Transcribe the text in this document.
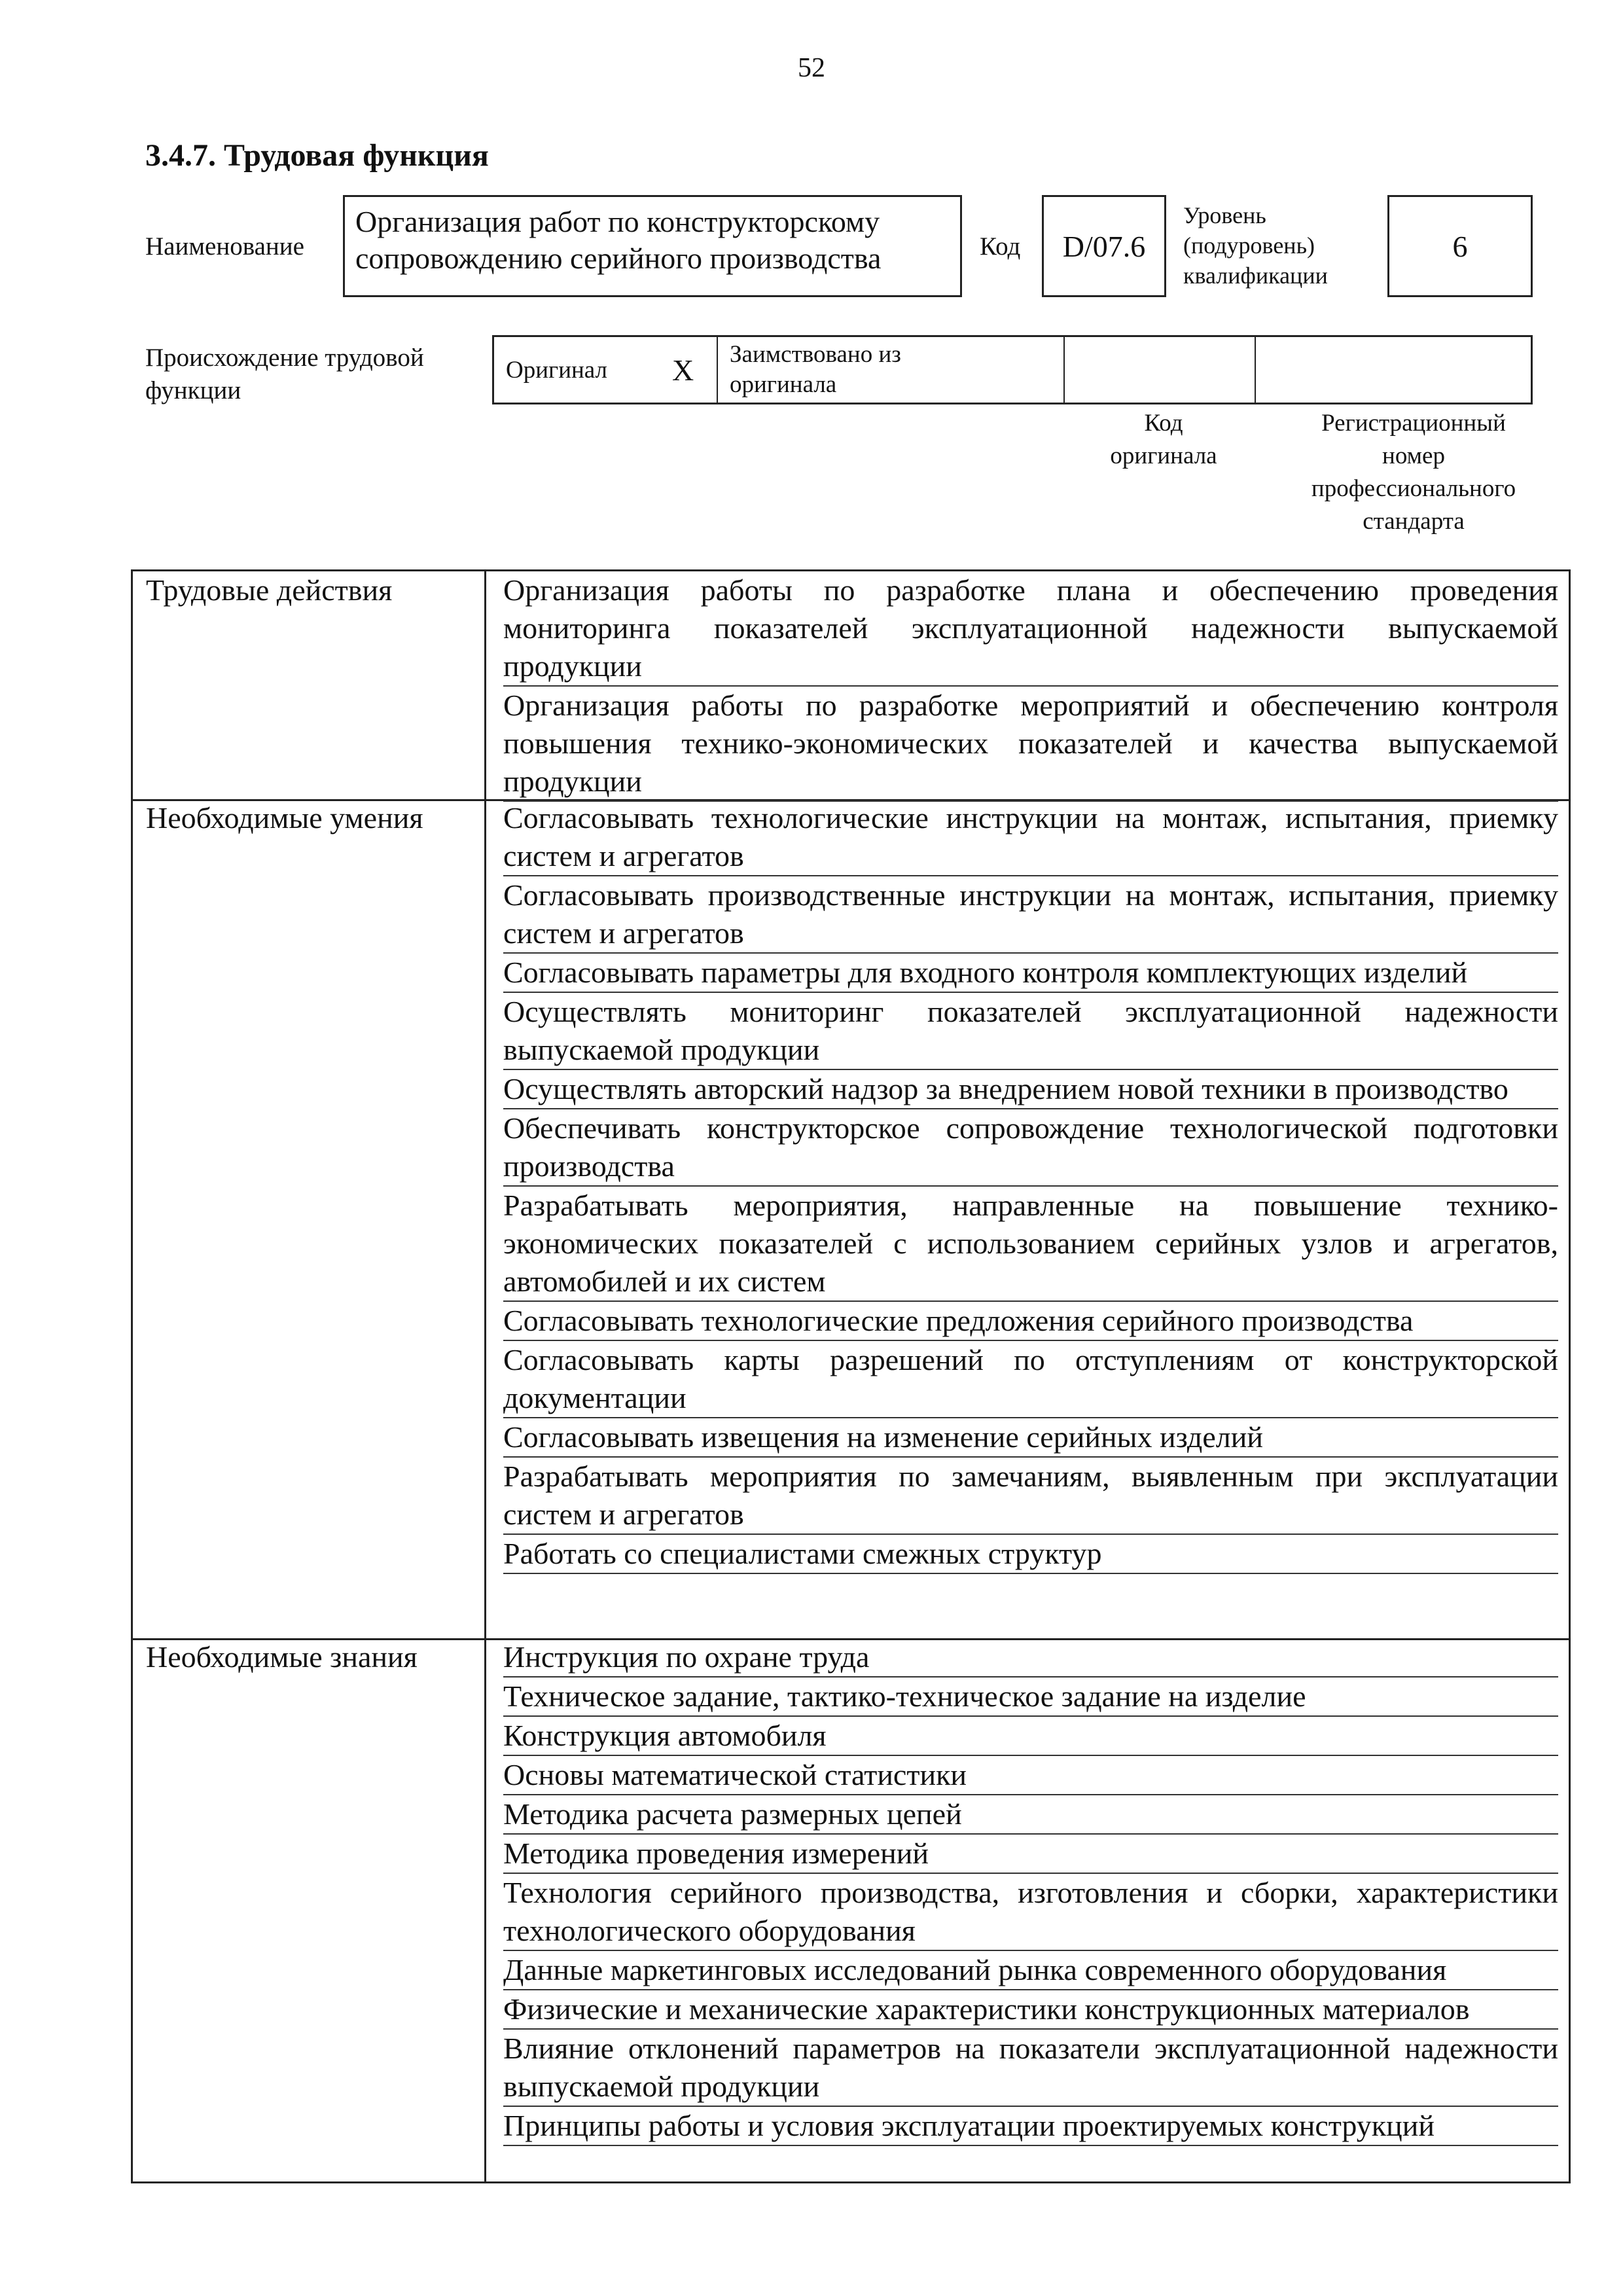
52
3.4.7. Трудовая функция
Наименование
Организация работ по конструкторскому сопровождению серийного производства	Код D/07.6
Уровень (подуровень) квалификации
6
Происхождение трудовой функции
Оригинал X Заимствовано из оригинала
Код оригинала
Регистрационный номер профессионального стандарта
Трудовые действия
Необходимые умения
Необходимые знания
Организация работы по разработке плана и обеспечению проведения мониторинга показателей эксплуатационной надежности выпускаемой продукции
Организация работы по разработке мероприятий и обеспечению контроля повышения технико-экономических показателей и качества выпускаемой продукции
Согласовывать технологические инструкции на монтаж, испытания, приемку систем и агрегатов
Согласовывать производственные инструкции на монтаж, испытания, приемку систем и агрегатов
Согласовывать параметры для входного контроля комплектующих изделий
Осуществлять мониторинг показателей эксплуатационной надежности выпускаемой продукции
Осуществлять авторский надзор за внедрением новой техники в производство
Обеспечивать конструкторское сопровождение технологической подготовки производства
Разрабатывать мероприятия, направленные на повышение технико-экономических показателей с использованием серийных узлов и агрегатов, автомобилей и их систем
Согласовывать технологические предложения серийного производства
Согласовывать карты разрешений по отступлениям от конструкторской документации
Согласовывать извещения на изменение серийных изделий
Разрабатывать мероприятия по замечаниям, выявленным при эксплуатации систем и агрегатов
Работать со специалистами смежных структур
Инструкция по охране труда
Техническое задание, тактико-техническое задание на изделие
Конструкция автомобиля
Основы математической статистики
Методика расчета размерных цепей
Методика проведения измерений
Технология серийного производства, изготовления и сборки, характеристики технологического оборудования
Данные маркетинговых исследований рынка современного оборудования
Физические и механические характеристики конструкционных материалов
Влияние отклонений параметров на показатели эксплуатационной надежности выпускаемой продукции
Принципы работы и условия эксплуатации проектируемых конструкций
